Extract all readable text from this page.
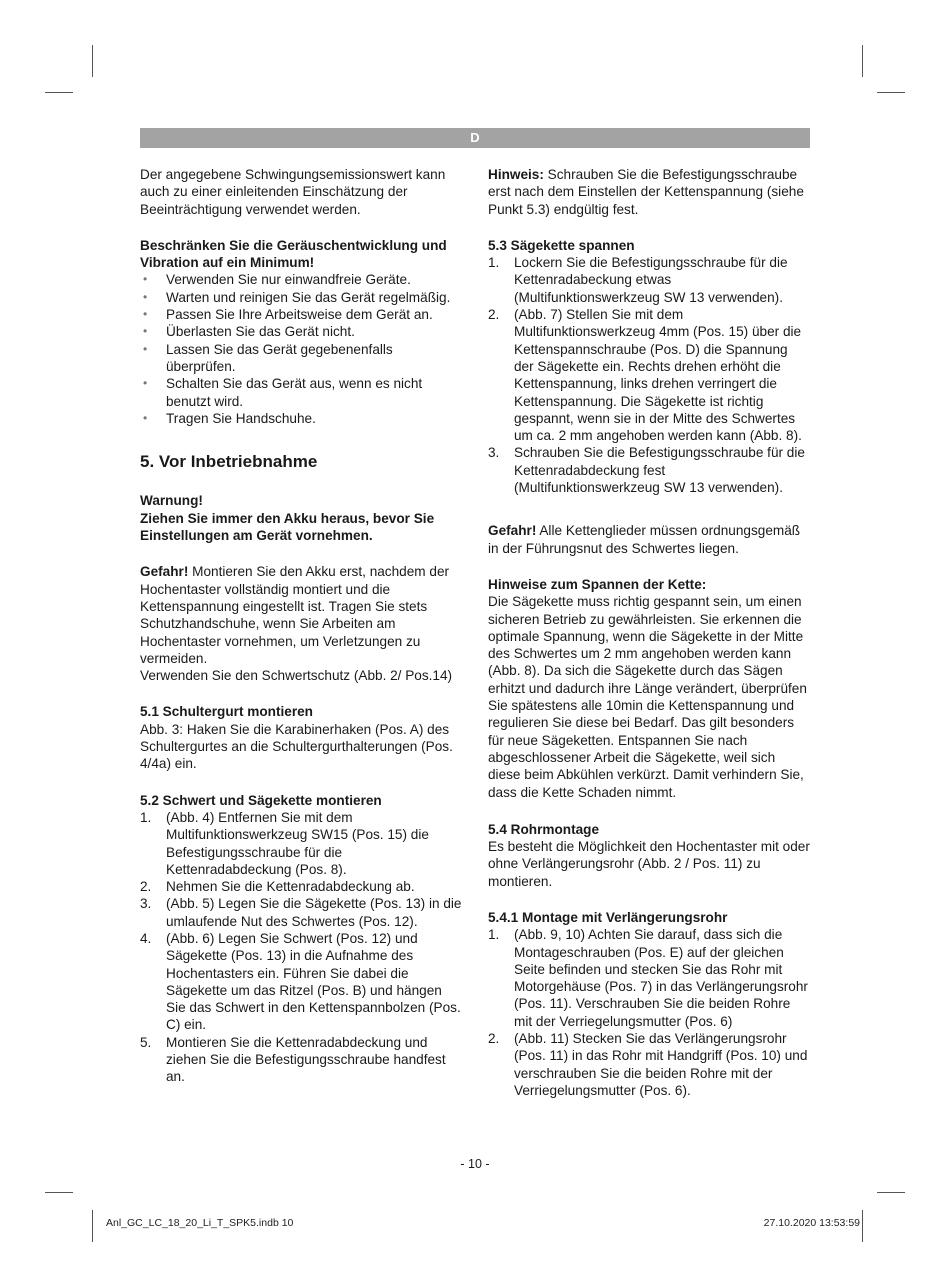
D

Der angegebene Schwingungsemissionswert kann auch zu einer einleitenden Einschätzung der Beeinträchtigung verwendet werden.

Beschränken Sie die Geräuschentwicklung und Vibration auf ein Minimum!
• Verwenden Sie nur einwandfreie Geräte.
• Warten und reinigen Sie das Gerät regelmäßig.
• Passen Sie Ihre Arbeitsweise dem Gerät an.
• Überlasten Sie das Gerät nicht.
• Lassen Sie das Gerät gegebenenfalls überprüfen.
• Schalten Sie das Gerät aus, wenn es nicht benutzt wird.
• Tragen Sie Handschuhe.
5. Vor Inbetriebnahme
Warnung!

Ziehen Sie immer den Akku heraus, bevor Sie Einstellungen am Gerät vornehmen.

Gefahr! Montieren Sie den Akku erst, nachdem der Hochentaster vollständig montiert und die Kettenspannung eingestellt ist. Tragen Sie stets Schutzhandschuhe, wenn Sie Arbeiten am Hochentaster vornehmen, um Verletzungen zu vermeiden.

Verwenden Sie den Schwertschutz (Abb. 2/ Pos.14)

5.1 Schultergurt montieren

Abb. 3: Haken Sie die Karabinerhaken (Pos. A) des Schultergurtes an die Schultergurthalterungen (Pos. 4/4a) ein.

5.2 Schwert und Sägekette montieren
1. (Abb. 4) Entfernen Sie mit dem Multifunktionswerkzeug SW15 (Pos. 15) die Befestigungsschraube für die Kettenradabdeckung (Pos. 8).
2. Nehmen Sie die Kettenradabdeckung ab.
3. (Abb. 5) Legen Sie die Sägekette (Pos. 13) in die umlaufende Nut des Schwertes (Pos. 12).
4. (Abb. 6) Legen Sie Schwert (Pos. 12) und Sägekette (Pos. 13) in die Aufnahme des Hochentasters ein. Führen Sie dabei die Sägekette um das Ritzel (Pos. B) und hängen Sie das Schwert in den Kettenspannbolzen (Pos. C) ein.
5. Montieren Sie die Kettenradabdeckung und ziehen Sie die Befestigungsschraube handfest an.

Hinweis: Schrauben Sie die Befestigungsschraube erst nach dem Einstellen der Kettenspannung (siehe Punkt 5.3) endgültig fest.

5.3 Sägekette spannen
1. Lockern Sie die Befestigungsschraube für die Kettenradabeckung etwas (Multifunktionswerkzeug SW 13 verwenden).
2. (Abb. 7) Stellen Sie mit dem Multifunktionswerkzeug 4mm (Pos. 15) über die Kettenspannschraube (Pos. D) die Spannung der Sägekette ein. Rechts drehen erhöht die Kettenspannung, links drehen verringert die Kettenspannung. Die Sägekette ist richtig gespannt, wenn sie in der Mitte des Schwertes um ca. 2 mm angehoben werden kann (Abb. 8).
3. Schrauben Sie die Befestigungsschraube für die Kettenradabdeckung fest (Multifunktionswerkzeug SW 13 verwenden).

Gefahr! Alle Kettenglieder müssen ordnungsgemäß in der Führungsnut des Schwertes liegen.

Hinweise zum Spannen der Kette:

Die Sägekette muss richtig gespannt sein, um einen sicheren Betrieb zu gewährleisten. Sie erkennen die optimale Spannung, wenn die Sägekette in der Mitte des Schwertes um 2 mm angehoben werden kann (Abb. 8). Da sich die Sägekette durch das Sägen erhitzt und dadurch ihre Länge verändert, überprüfen Sie spätestens alle 10min die Kettenspannung und regulieren Sie diese bei Bedarf. Das gilt besonders für neue Sägeketten. Entspannen Sie nach abgeschlossener Arbeit die Sägekette, weil sich diese beim Abkühlen verkürzt. Damit verhindern Sie, dass die Kette Schaden nimmt.

5.4 Rohrmontage

Es besteht die Möglichkeit den Hochentaster mit oder ohne Verlängerungsrohr (Abb. 2 / Pos. 11) zu montieren.

5.4.1 Montage mit Verlängerungsrohr
1. (Abb. 9, 10) Achten Sie darauf, dass sich die Montageschrauben (Pos. E) auf der gleichen Seite befinden und stecken Sie das Rohr mit Motorgehäuse (Pos. 7) in das Verlängerungsrohr (Pos. 11). Verschrauben Sie die beiden Rohre mit der Verriegelungsmutter (Pos. 6)
2. (Abb. 11) Stecken Sie das Verlängerungsrohr (Pos. 11) in das Rohr mit Handgriff (Pos. 10) und verschrauben Sie die beiden Rohre mit der Verriegelungsmutter (Pos. 6).
- 10 -
Anl_GC_LC_18_20_Li_T_SPK5.indb 10	27.10.2020 13:53:59
